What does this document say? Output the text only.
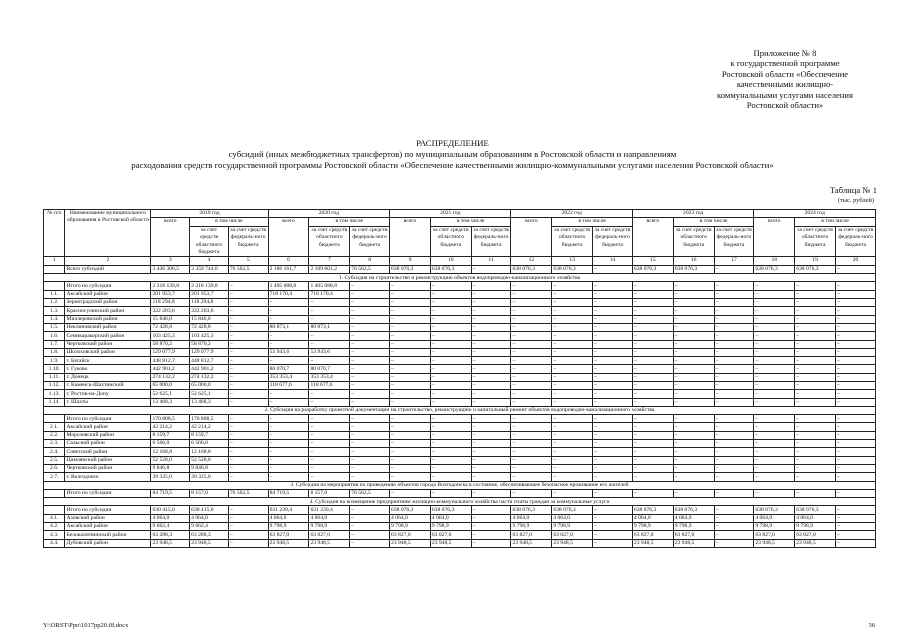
Приложение № 8
к государственной программе
Ростовской области «Обеспечение
качественными жилищно-
коммунальными услугами населения
Ростовской области»
РАСПРЕДЕЛЕНИЕ
субсидий (иных межбюджетных трансфертов) по муниципальным образованиям в Ростовской области и направлениям
расходования средств государственной программы Ростовской области «Обеспечение качественными жилищно-коммунальными услугами населения Ростовской области»
Таблица № 1
(тыс. рублей)
№ п/п	Наименование муниципального образования в Ростовской области	2019 год			2020 год			2021 год			2022 год			2023 год			2024 год		
		всего	в том числе		всего	в том числе		всего	в том числе		всего	в том числе		всего	в том числе		всего	в том числе	
			за счет средств областного бюджета	за счет средств федераль-ного бюджета		за счет средств областного бюджета	за счет средств федераль-ного бюджета		за счет средств областного бюджета	за счет средств федераль-ного бюджета		за счет средств областного бюджета	за счет средств федераль-ного бюджета		за счет средств областного бюджета	за счет средств федераль-ного бюджета		за счет средств областного бюджета	за счет средств федераль-ного бюджета
1	2	3	4	5	6	7	8	9	10	11	12	13	14	15	16	17	18	19	20
	Всего субсидий	3 436 306,5	3 359 744,0	76 562,5	2 186 161,7	2 109 601,2	76 562,5	638 076,3	638 076,3	–	638 076,3	638 076,3	–	638 076,3	638 076,3	–	638 076,3	638 076,3	–
1. Субсидия на строительство и реконструкцию объектов водопроводно-канализационного хозяйства																			
	Итого по субсидии	2 318 139,8	2 318 139,8	–	1 405 088,8	1 405 088,8	–	–	–	–	–	–	–	–	–	–	–	–	–
1.1.	Аксайский район	201 953,7	201 953,7	–	718 170,4	718 170,4	–	–	–	–	–	–	–	–	–	–	–	–	–
1.2.	Зерноградский район	118 294,8	118 294,8	–	–	–	–	–	–	–	–	–	–	–	–	–	–	–	–
1.3.	Красносулинский район	322 203,6	322 203,6	–	–	–	–	–	–	–	–	–	–	–	–	–	–	–	–
1.4.	Миллеровский район	15 846,0	15 846,0	–	–	–	–	–	–	–	–	–	–	–	–	–	–	–	–
1.5.	Неклиновский район	72 428,8	72 428,8	–	80 873,1	80 873,1	–	–	–	–	–	–	–	–	–	–	–	–	–
1.6.	Семикаракорский район	103 425,3	103 425,3	–	–	–	–	–	–	–	–	–	–	–	–	–	–	–	–
1.7.	Чертковский район	58 870,2	58 870,2	–	–	–	–	–	–	–	–	–	–	–	–	–	–	–	–
1.8.	Шолоховский район	129 077,9	129 077,9	–	53 943,6	53 943,6	–	–	–	–	–	–	–	–	–	–	–	–	–
1.9.	г. Батайск	448 812,7	448 812,7	–	–	–	–	–	–	–	–	–	–	–	–	–	–	–	–
1.10.	г. Гуково	442 901,2	442 901,2	–	80 070,7	80 070,7	–	–	–	–	–	–	–	–	–	–	–	–	–
1.11.	г. Донецк	274 132,2	274 132,2	–	353 353,4	353 353,4	–	–	–	–	–	–	–	–	–	–	–	–	–
1.12.	г. Каменск-Шахтинский	65 000,0	65 000,0	–	118 677,6	118 677,6	–	–	–	–	–	–	–	–	–	–	–	–	–
1.13.	г. Ростов-на-Дону	52 625,1	52 625,1	–	–	–	–	–	–	–	–	–	–	–	–	–	–	–	–
1.14.	г. Шахты	13 468,3	13 468,3	–	–	–	–	–	–	–	–	–	–	–	–	–	–	–	–
2. Субсидия на разработку проектной документации на строительство, реконструкцию и капитальный ремонт объектов водопроводно-канализационного хозяйства																			
	Итого по субсидии	170 808,5	170 808,5	–	–	–	–	–	–	–	–	–	–	–	–	–	–	–	–
2.1.	Аксайский район	42 214,2	42 214,2	–	–	–	–	–	–	–	–	–	–	–	–	–	–	–	–
2.2.	Морозовский район	8 159,7	8 159,7	–	–	–	–	–	–	–	–	–	–	–	–	–	–	–	–
2.3.	Сальский район	6 566,0	6 566,0	–	–	–	–	–	–	–	–	–	–	–	–	–	–	–	–
2.4.	Советский район	12 168,8	12 168,8	–	–	–	–	–	–	–	–	–	–	–	–	–	–	–	–
2.5.	Цимлянский район	52 528,0	52 528,0	–	–	–	–	–	–	–	–	–	–	–	–	–	–	–	–
2.6.	Чертковский район	9 846,8	9 846,8	–	–	–	–	–	–	–	–	–	–	–	–	–	–	–	–
2.7.	г. Волгодонск	39 325,0	39 325,0	–	–	–	–	–	–	–	–	–	–	–	–	–	–	–	–
3. Субсидия на мероприятия по приведению объектов города Волгодонска в состояние, обеспечивающее безопасное проживание его жителей																			
	Итого по субсидии	84 719,5	8 157,0	76 562,5	84 719,5	8 157,0	76 562,5	–	–	–	–	–	–	–	–	–	–	–	–
4. Субсидия на возмещение предприятиям жилищно-коммунального хозяйства части платы граждан за коммунальные услуги																			
	Итого по субсидии	630 415,0	630 415,0	–	631 239,4	631 239,4	–	638 076,3	638 076,3	–	638 076,3	638 076,3	–	638 076,3	638 076,3	–	638 076,3	638 076,3	–
4.1.	Азовский район	4 064,0	4 064,0	–	4 064,0	4 064,0	–	4 064,0	4 064,0	–	4 064,0	4 064,0	–	4 064,0	4 064,0	–	4 064,0	4 064,0	–
4.2.	Аксайский район	9 662,4	9 662,4	–	9 798,9	9 798,9	–	9 798,9	9 798,9	–	9 798,9	9 798,9	–	9 798,9	9 798,9	–	9 798,9	9 798,9	–
4.3.	Белокалитвинский район	63 288,3	63 288,3	–	63 827,0	63 827,0	–	63 827,0	63 827,0	–	63 827,0	63 827,0	–	63 827,0	63 827,0	–	63 827,0	63 827,0	–
4.4.	Дубовский район	23 948,5	23 948,5	–	23 948,5	23 948,5	–	23 948,5	23 948,5	–	23 948,5	23 948,5	–	23 948,5	23 948,5	–	23 948,5	23 948,5	–
Y:\ORST\Ppo\1017pp20.f8.docx	36
